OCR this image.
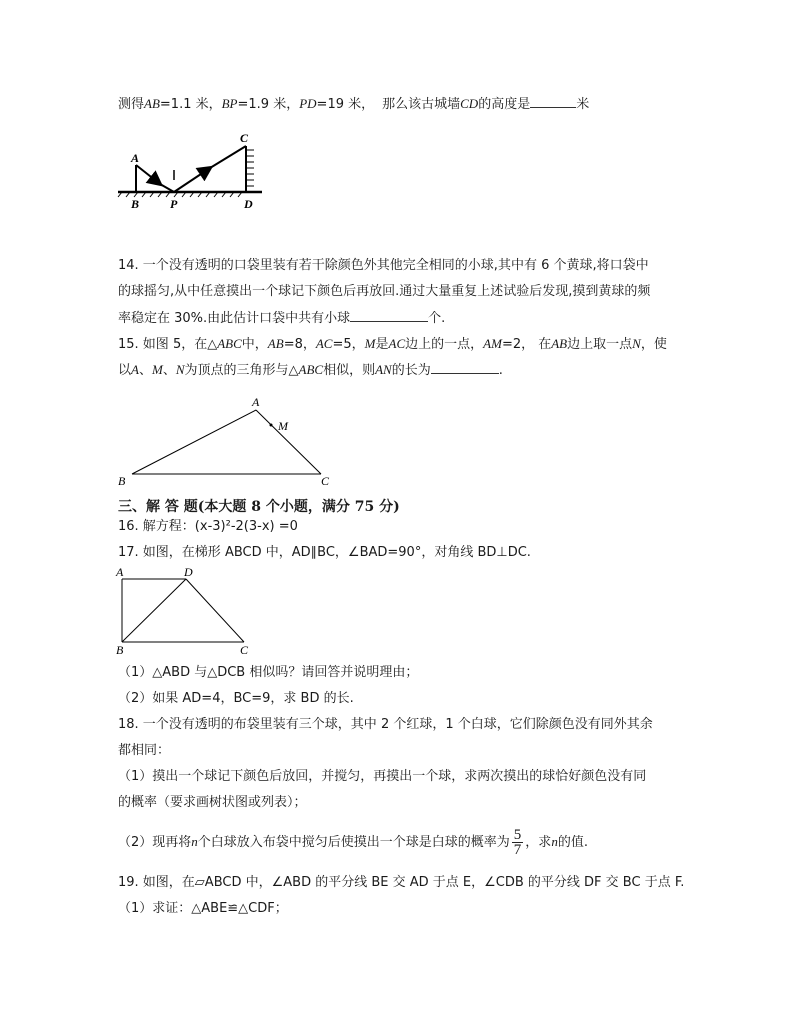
测得AB=1.1 米，BP=1.9 米，PD=19 米， 那么该古城墙CD的高度是	米
A
B	P
C
D
14. 一个没有透明的口袋里装有若干除颜色外其他完全相同的小球,其中有 6 个黄球,将口袋中
的球摇匀,从中任意摸出一个球记下颜色后再放回.通过大量重复上述试验后发现,摸到黄球的频
率稳定在 30%.由此估计口袋中共有小球	个.
15. 如图 5，在△ABC中，AB=8，AC=5，M是AC边上的一点，AM=2， 在AB边上取一点N，使
以A、M、N为顶点的三角形与△ABC相似，则AN的长为	.
A
M
B	C
三、解 答 题(本大题 8 个小题，满分 75 分)
16. 解方程：(x-3)²-2(3-x) =0
17. 如图，在梯形 ABCD 中，AD∥BC，∠BAD=90°，对角线 BD⊥DC.
A	D
B	C
（1）△ABD 与△DCB 相似吗？请回答并说明理由；
（2）如果 AD=4，BC=9，求 BD 的长.
18. 一个没有透明的布袋里装有三个球，其中 2 个红球，1 个白球，它们除颜色没有同外其余
都相同：
（1）摸出一个球记下颜色后放回，并搅匀，再摸出一个球，求两次摸出的球恰好颜色没有同
的概率（要求画树状图或列表）；
（2）现再将n个白球放入布袋中搅匀后使摸出一个球是白球的概率为 $\frac{5}{7}$ ，求n的值.
19. 如图，在▱ABCD 中，∠ABD 的平分线 BE 交 AD 于点 E，∠CDB 的平分线 DF 交 BC 于点 F.
（1）求证：△ABE≌△CDF；
